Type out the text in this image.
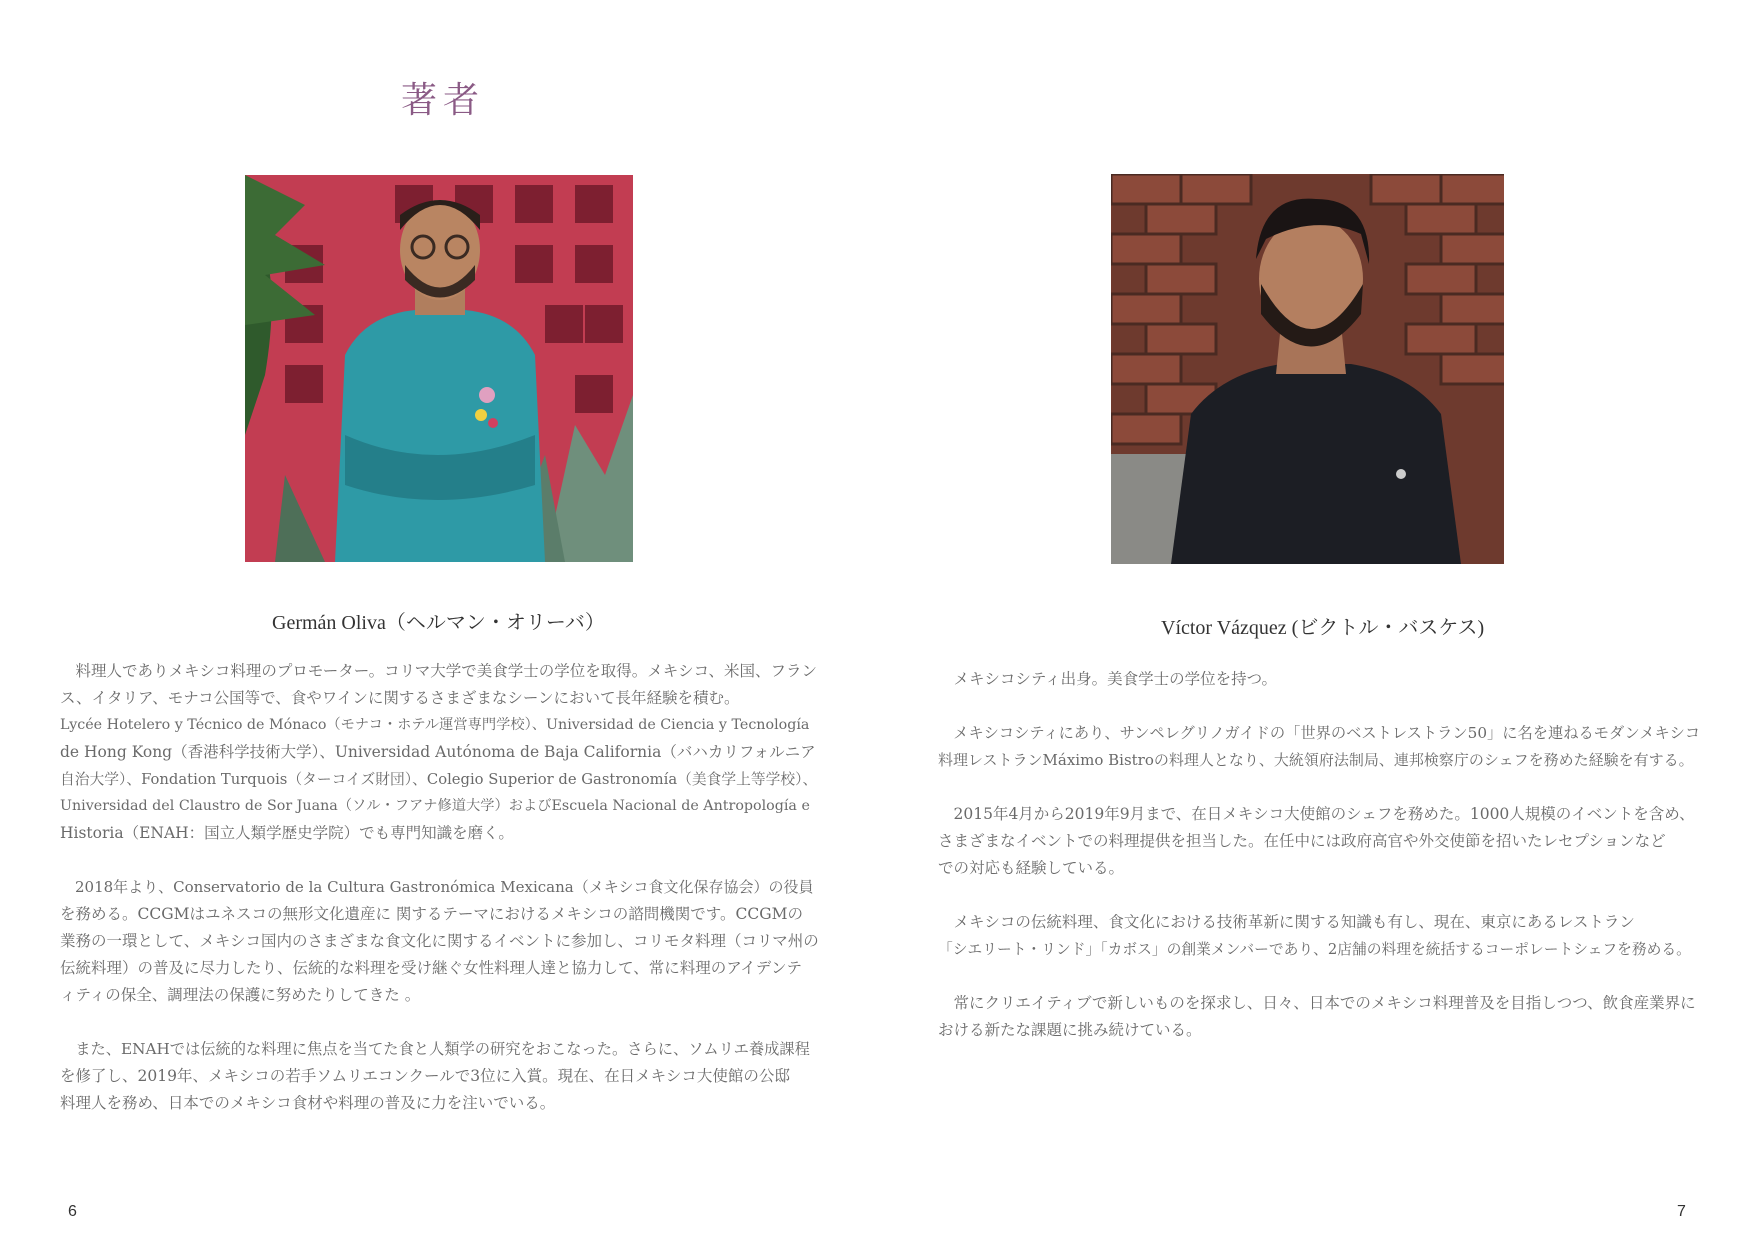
著者
Germán Oliva（ヘルマン・オリーバ）	Víctor Vázquez (ビクトル・バスケス)

　料理人でありメキシコ料理のプロモーター。コリマ大学で美食学士の学位を取得。メキシコ、米国、フラン
ス、イタリア、モナコ公国等で、食やワインに関するさまざまなシーンにおいて長年経験を積む。
Lycée Hotelero y Técnico de Mónaco（モナコ・ホテル運営専門学校）、Universidad de Ciencia y Tecnología
de Hong Kong（香港科学技術大学）、Universidad Autónoma de Baja California（バハカリフォルニア
自治大学）、Fondation Turquois（ターコイズ財団）、Colegio Superior de Gastronomía（美食学上等学校）、
Universidad del Claustro de Sor Juana（ソル・フアナ修道大学）およびEscuela Nacional de Antropología e
Historia（ENAH：国立人類学歴史学院）でも専門知識を磨く。

　2018年より、Conservatorio de la Cultura Gastronómica Mexicana（メキシコ食文化保存協会）の役員
を務める。CCGMはユネスコの無形文化遺産に 関するテーマにおけるメキシコの諮問機関です。CCGMの
業務の一環として、メキシコ国内のさまざまな食文化に関するイベントに参加し、コリモタ料理（コリマ州の
伝統料理）の普及に尽力したり、伝統的な料理を受け継ぐ女性料理人達と協力して、常に料理のアイデンテ
ィティの保全、調理法の保護に努めたりしてきた 。

　また、ENAHでは伝統的な料理に焦点を当てた食と人類学の研究をおこなった。さらに、ソムリエ養成課程
を修了し、2019年、メキシコの若手ソムリエコンクールで3位に入賞。現在、在日メキシコ大使館の公邸
料理人を務め、日本でのメキシコ食材や料理の普及に力を注いでいる。

　メキシコシティ出身。美食学士の学位を持つ。

　メキシコシティにあり、サンペレグリノガイドの「世界のベストレストラン50」に名を連ねるモダンメキシコ
料理レストランMáximo Bistroの料理人となり、大統領府法制局、連邦検察庁のシェフを務めた経験を有する。

　2015年4月から2019年9月まで、在日メキシコ大使館のシェフを務めた。1000人規模のイベントを含め、
さまざまなイベントでの料理提供を担当した。在任中には政府高官や外交使節を招いたレセプションなど
での対応も経験している。

　メキシコの伝統料理、食文化における技術革新に関する知識も有し、現在、東京にあるレストラン
「シエリート・リンド」「カボス」の創業メンバーであり、2店舗の料理を統括するコーポレートシェフを務める。

　常にクリエイティブで新しいものを探求し、日々、日本でのメキシコ料理普及を目指しつつ、飲食産業界に
おける新たな課題に挑み続けている。

6	7
